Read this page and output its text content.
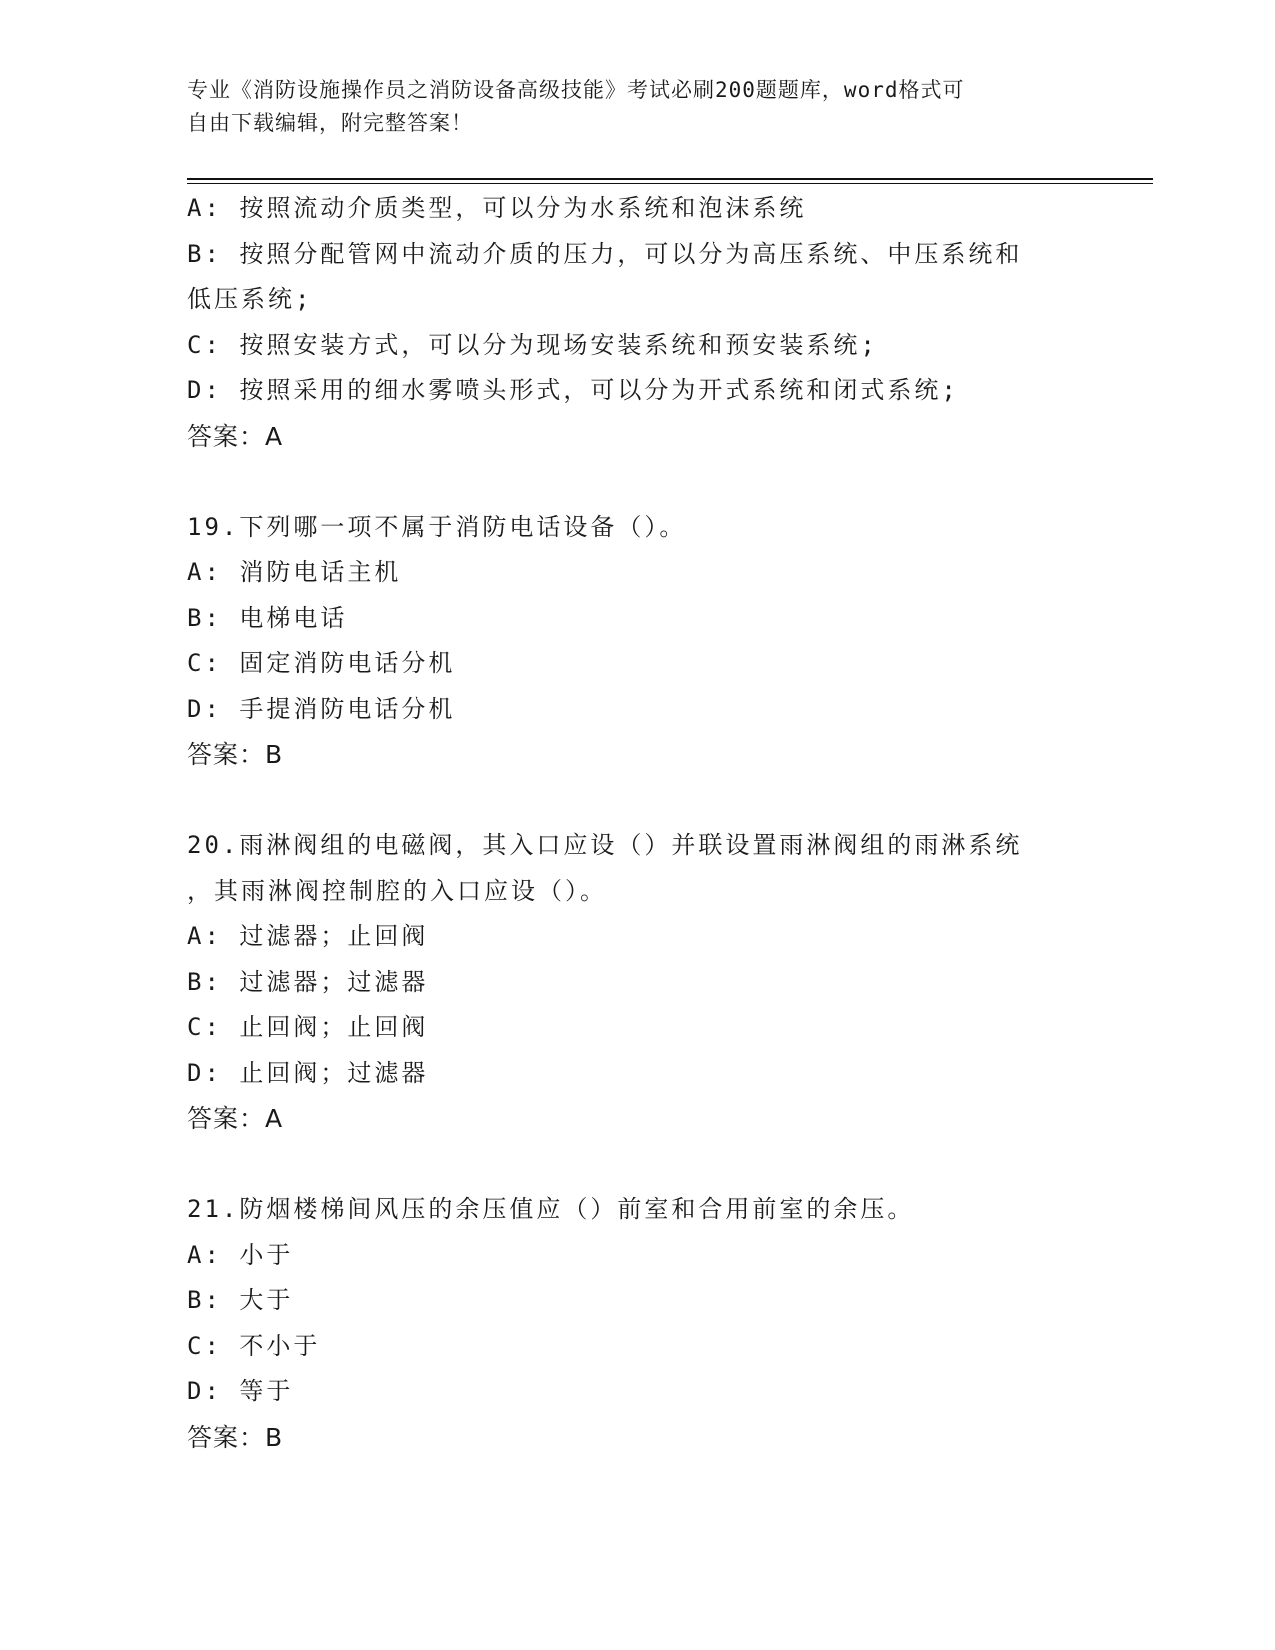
专业《消防设施操作员之消防设备高级技能》考试必刷200题题库，word格式可
自由下载编辑，附完整答案！
A: 按照流动介质类型，可以分为水系统和泡沫系统
B: 按照分配管网中流动介质的压力，可以分为高压系统、中压系统和
低压系统;
C: 按照安装方式，可以分为现场安装系统和预安装系统;
D: 按照采用的细水雾喷头形式，可以分为开式系统和闭式系统;
答案：A
19.下列哪一项不属于消防电话设备（）。
A: 消防电话主机
B: 电梯电话
C: 固定消防电话分机
D: 手提消防电话分机
答案：B
20.雨淋阀组的电磁阀，其入口应设（）并联设置雨淋阀组的雨淋系统
，其雨淋阀控制腔的入口应设（）。
A: 过滤器；止回阀
B: 过滤器；过滤器
C: 止回阀；止回阀
D: 止回阀；过滤器
答案：A
21.防烟楼梯间风压的余压值应（）前室和合用前室的余压。
A: 小于
B: 大于
C: 不小于
D: 等于
答案：B
